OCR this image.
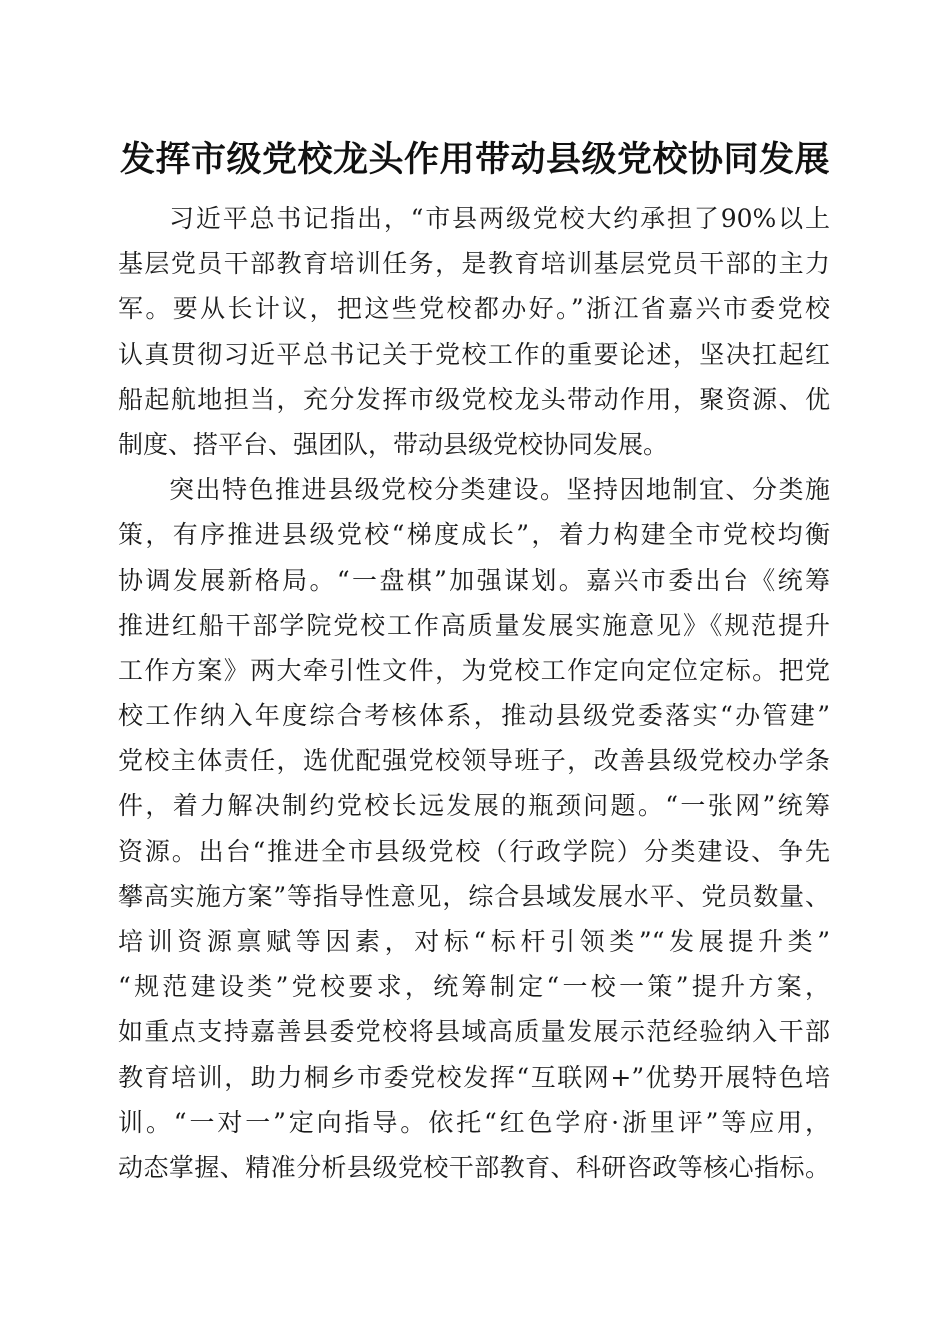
发挥市级党校龙头作用带动县级党校协同发展
习近平总书记指出，“市县两级党校大约承担了90%以上
基层党员干部教育培训任务，是教育培训基层党员干部的主力
军。要从长计议，把这些党校都办好。”浙江省嘉兴市委党校
认真贯彻习近平总书记关于党校工作的重要论述，坚决扛起红
船起航地担当，充分发挥市级党校龙头带动作用，聚资源、优
制度、搭平台、强团队，带动县级党校协同发展。
突出特色推进县级党校分类建设。坚持因地制宜、分类施
策，有序推进县级党校“梯度成长”，着力构建全市党校均衡
协调发展新格局。“一盘棋”加强谋划。嘉兴市委出台《统筹
推进红船干部学院党校工作高质量发展实施意见》《规范提升
工作方案》两大牵引性文件，为党校工作定向定位定标。把党
校工作纳入年度综合考核体系，推动县级党委落实“办管建”
党校主体责任，选优配强党校领导班子，改善县级党校办学条
件，着力解决制约党校长远发展的瓶颈问题。“一张网”统筹
资源。出台“推进全市县级党校（行政学院）分类建设、争先
攀高实施方案”等指导性意见，综合县域发展水平、党员数量、
培训资源禀赋等因素，对标“标杆引领类”“发展提升类”
“规范建设类”党校要求，统筹制定“一校一策”提升方案，
如重点支持嘉善县委党校将县域高质量发展示范经验纳入干部
教育培训，助力桐乡市委党校发挥“互联网+”优势开展特色培
训。“一对一”定向指导。依托“红色学府·浙里评”等应用，
动态掌握、精准分析县级党校干部教育、科研咨政等核心指标。
